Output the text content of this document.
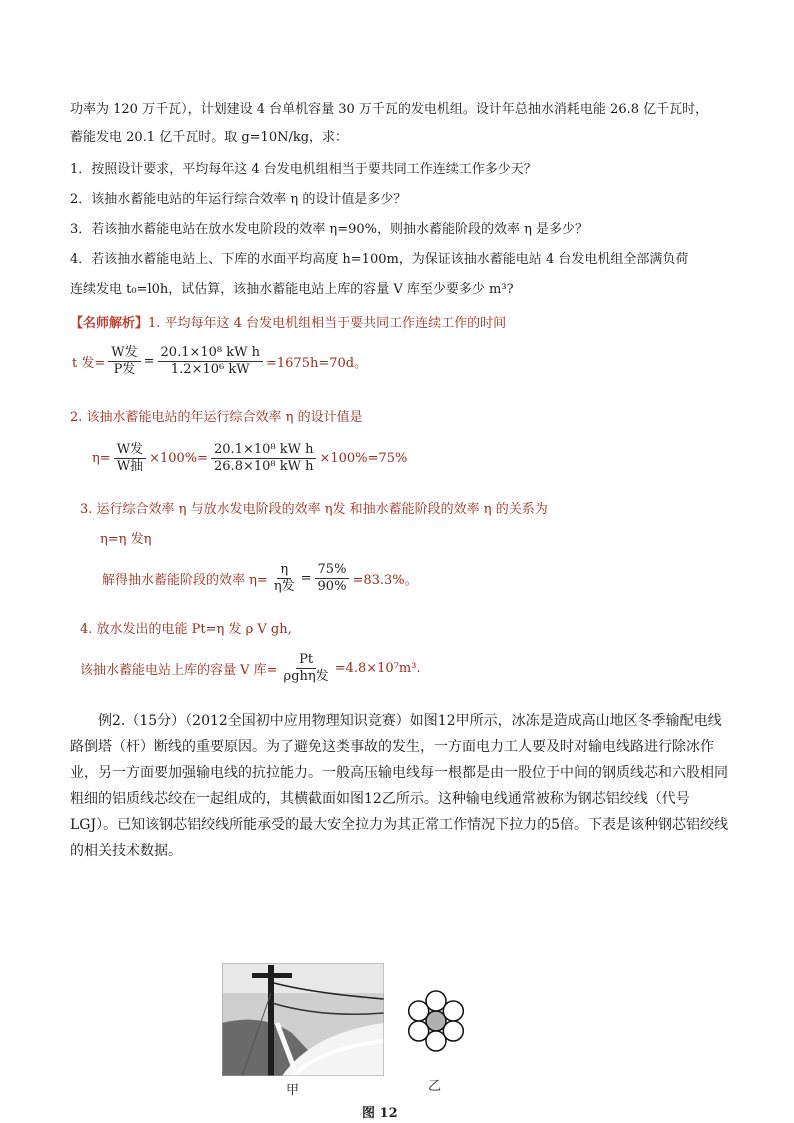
功率为 120 万千瓦），计划建设 4 台单机容量 30 万千瓦的发电机组。设计年总抽水消耗电能 26.8 亿千瓦时，
蓄能发电 20.1 亿千瓦时。取 g=10N/kg，求：
1．按照设计要求，平均每年这 4 台发电机组相当于要共同工作连续工作多少天？
2．该抽水蓄能电站的年运行综合效率 η 的设计值是多少？
3．若该抽水蓄能电站在放水发电阶段的效率 η=90%，则抽水蓄能阶段的效率 η 是多少？
4．若该抽水蓄能电站上、下库的水面平均高度 h=100m，为保证该抽水蓄能电站 4 台发电机组全部满负荷
连续发电 t₀=l0h，试估算，该抽水蓄能电站上库的容量 V 库至少要多少 m³?
【名师解析】1. 平均每年这 4 台发电机组相当于要共同工作连续工作的时间
t 发= $\frac{\text{W发}}{\text{P发}} = \frac{\text{20.1×10⁸ kW h}}{\text{1.2×10⁶ kW}} =1675h=70d$。
2. 该抽水蓄能电站的年运行综合效率 η 的设计值是
$\eta= \frac{\text{W发}}{\text{W抽}} \times 100\%= \frac{\text{20.1×10⁸ kW h}}{\text{26.8×10⁸ kW h}} \times 100\%=75\%$
3. 运行综合效率 η 与放水发电阶段的效率 η发 和抽水蓄能阶段的效率 η 的关系为
η=η 发η
解得抽水蓄能阶段的效率 $\eta= \frac{\eta}{\text{η发}} = \frac{75\%}{90\%} =83.3\%$。
4. 放水发出的电能 Pt=η 发 ρ V gh,
该抽水蓄能电站上库的容量 V 库= $\frac{Pt}{\text{ρghη发}} =4.8\times 10^7m^3$.
例2.（15分）（2012全国初中应用物理知识竞赛）如图12甲所示，冰冻是造成高山地区冬季输配电线路倒塔（杆）断线的重要原因。为了避免这类事故的发生，一方面电力工人要及时对输电线路进行除冰作业，另一方面要加强输电线的抗拉能力。一般高压输电线每一根都是由一股位于中间的钢质线芯和六股相同粗细的铝质线芯绞在一起组成的，其横截面如图12乙所示。这种输电线通常被称为钢芯铝绞线（代号LGJ）。已知该钢芯铝绞线所能承受的最大安全拉力为其正常工作情况下拉力的5倍。下表是该种钢芯铝绞线的相关技术数据。
甲	乙
图 12
